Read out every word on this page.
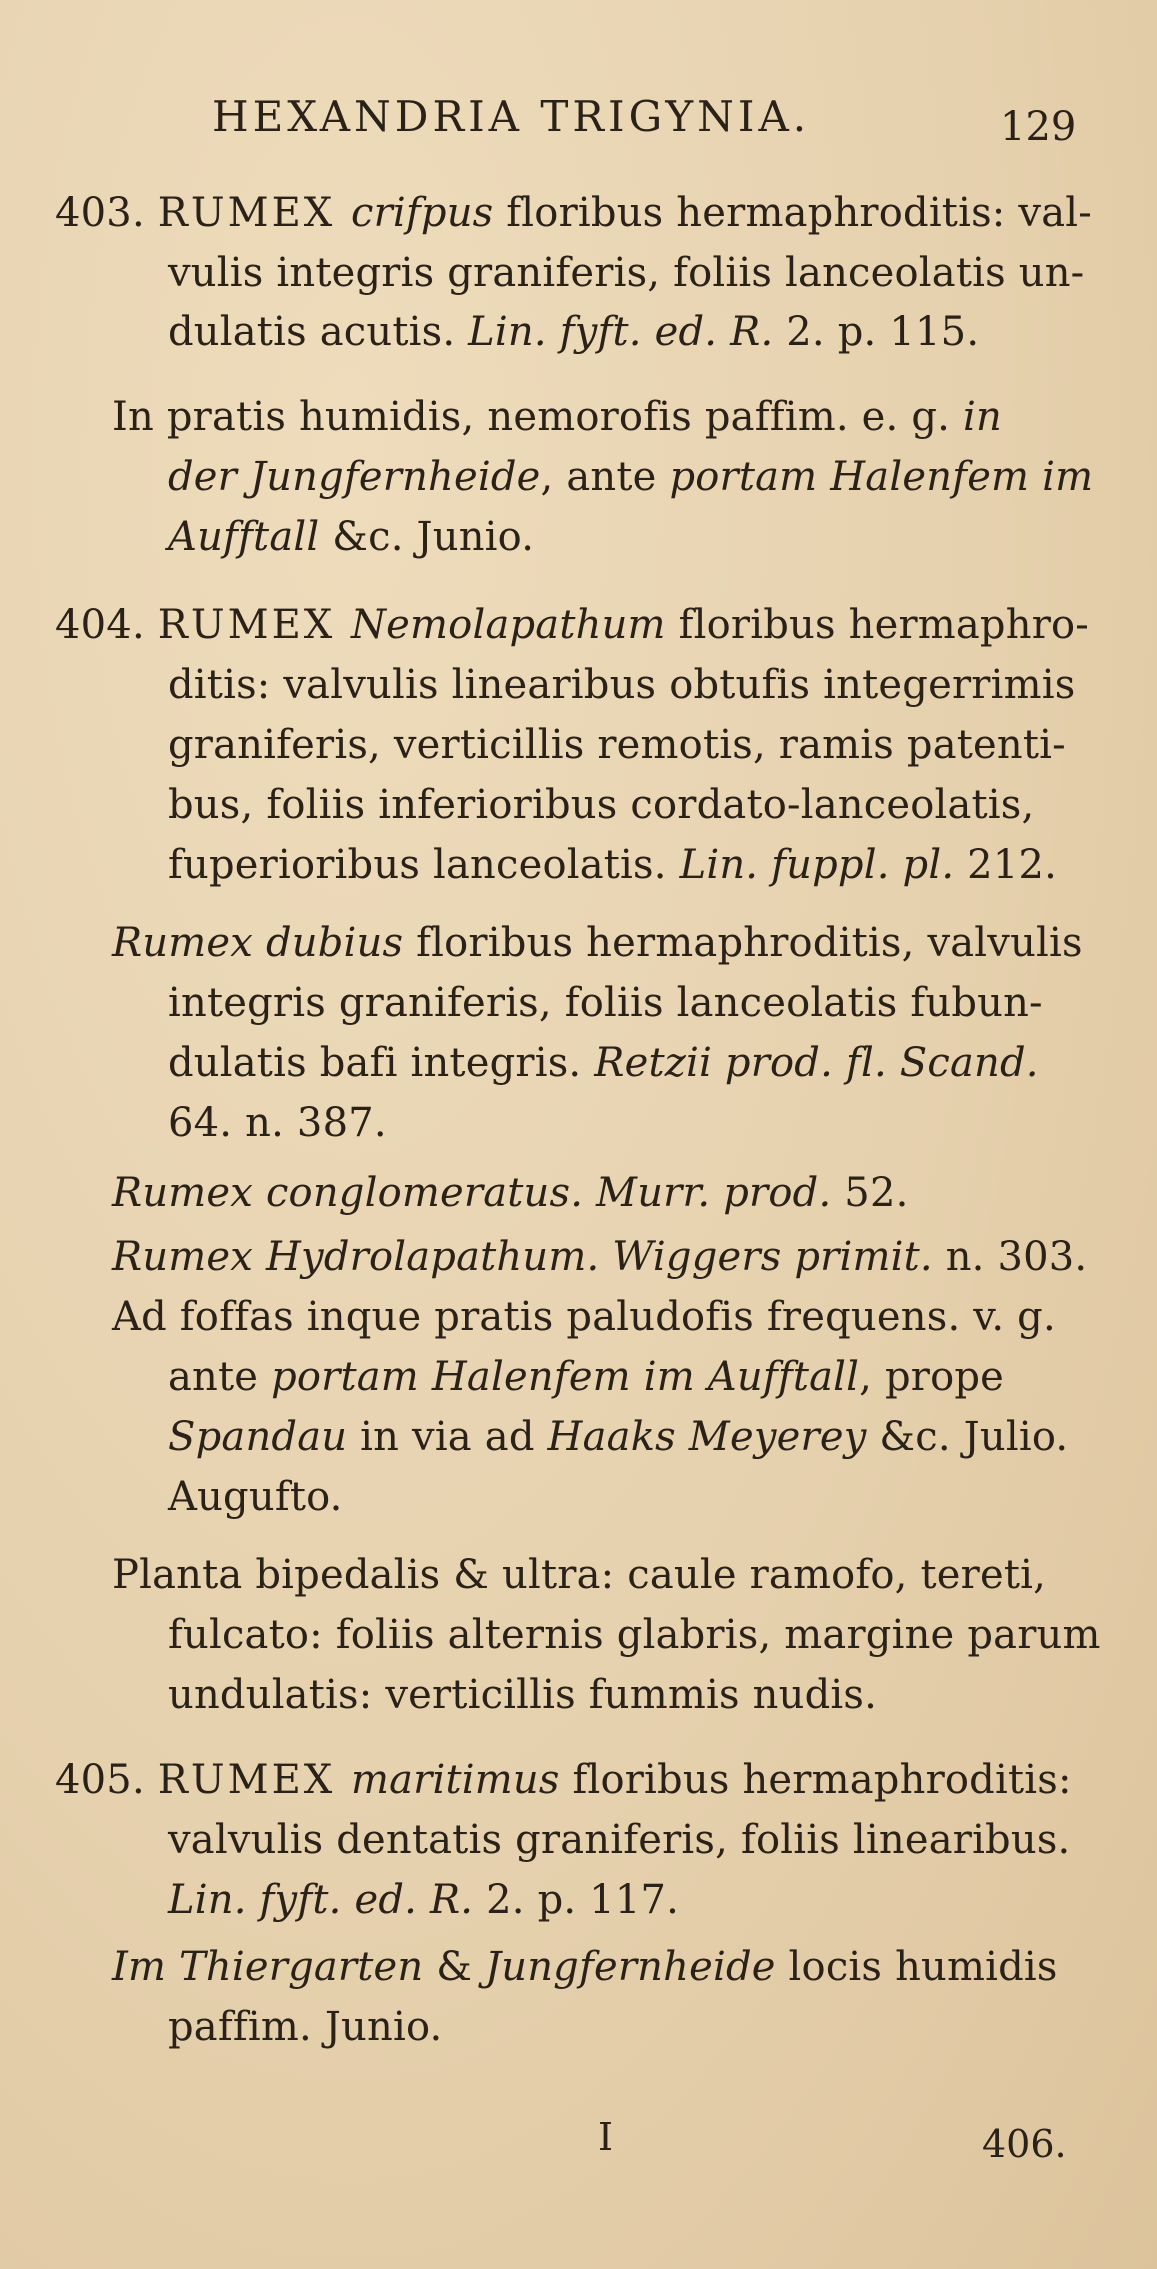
HEXANDRIA TRIGYNIA.	129
403. RUMEX crifpus floribus hermaphroditis: val-
vulis integris graniferis, foliis lanceolatis un-
dulatis acutis. Lin. fyft. ed. R. 2. p. 115.
In pratis humidis, nemorofis paffim. e. g. in
der Jungfernheide, ante portam Halenfem im
Aufftall &c. Junio.
404. RUMEX Nemolapathum floribus hermaphro-
ditis: valvulis linearibus obtufis integerrimis
graniferis, verticillis remotis, ramis patenti-
bus, foliis inferioribus cordato-lanceolatis,
fuperioribus lanceolatis. Lin. fuppl. pl. 212.
Rumex dubius floribus hermaphroditis, valvulis
integris graniferis, foliis lanceolatis fubun-
dulatis bafi integris. Retzii prod. fl. Scand.
64. n. 387.
Rumex conglomeratus. Murr. prod. 52.
Rumex Hydrolapathum. Wiggers primit. n. 303.
Ad foffas inque pratis paludofis frequens. v. g.
ante portam Halenfem im Aufftall, prope
Spandau in via ad Haaks Meyerey &c. Julio.
Augufto.
Planta bipedalis & ultra: caule ramofo, tereti,
fulcato: foliis alternis glabris, margine parum
undulatis: verticillis fummis nudis.
405. RUMEX maritimus floribus hermaphroditis:
valvulis dentatis graniferis, foliis linearibus.
Lin. fyft. ed. R. 2. p. 117.
Im Thiergarten & Jungfernheide locis humidis
paffim. Junio.
I	406.
